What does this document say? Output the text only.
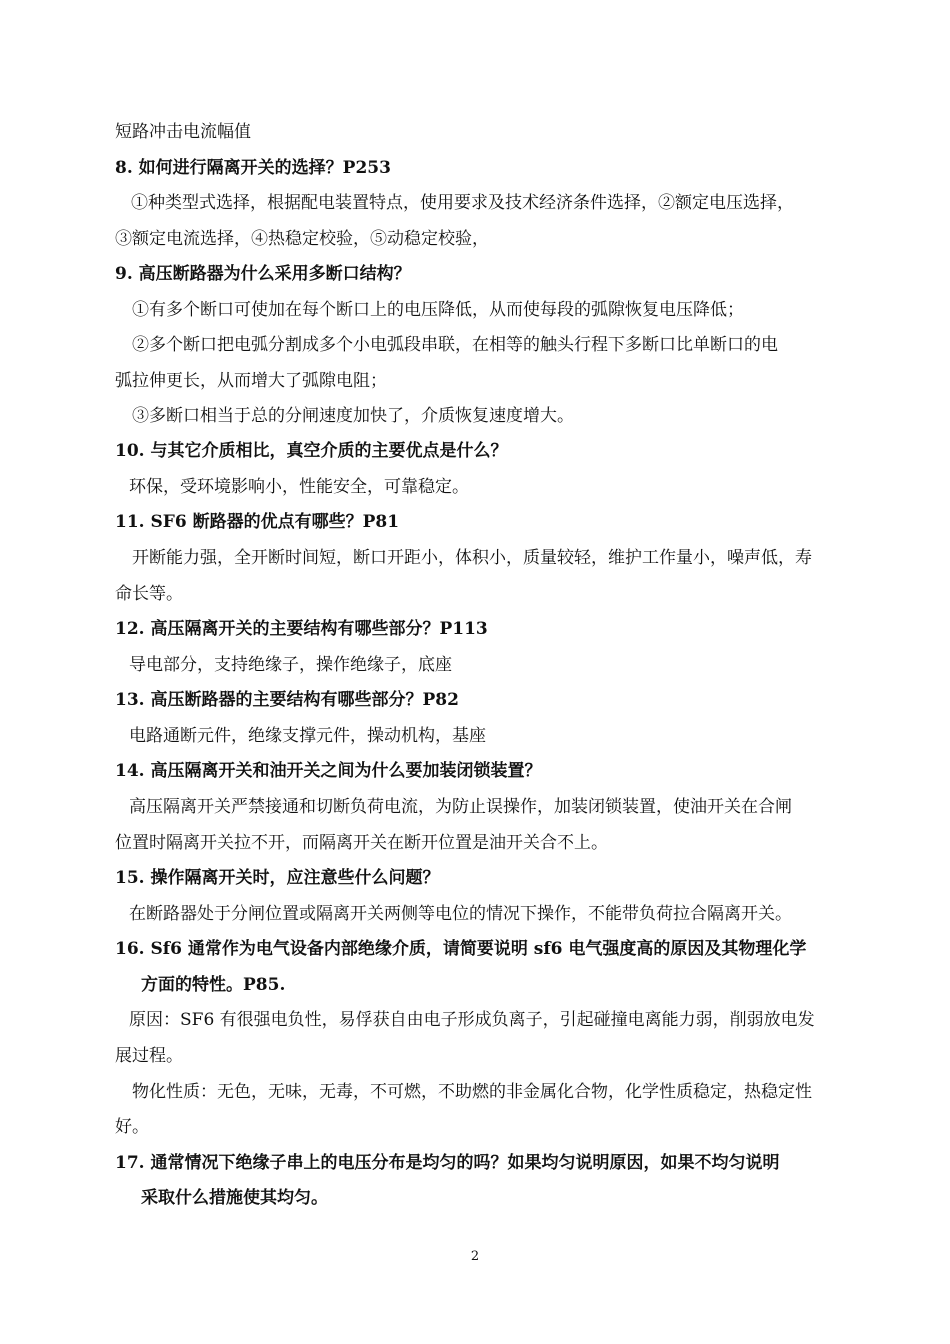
短路冲击电流幅值
8. 如何进行隔离开关的选择？P253
①种类型式选择，根据配电装置特点，使用要求及技术经济条件选择，②额定电压选择，
③额定电流选择，④热稳定校验，⑤动稳定校验，
9. 高压断路器为什么采用多断口结构？
①有多个断口可使加在每个断口上的电压降低，从而使每段的弧隙恢复电压降低；
②多个断口把电弧分割成多个小电弧段串联，在相等的触头行程下多断口比单断口的电
弧拉伸更长，从而增大了弧隙电阻；
③多断口相当于总的分闸速度加快了，介质恢复速度增大。
10. 与其它介质相比，真空介质的主要优点是什么？
环保，受环境影响小，性能安全，可靠稳定。
11. SF6 断路器的优点有哪些？P81
开断能力强，全开断时间短，断口开距小，体积小，质量较轻，维护工作量小，噪声低，寿
命长等。
12. 高压隔离开关的主要结构有哪些部分？P113
导电部分，支持绝缘子，操作绝缘子，底座
13. 高压断路器的主要结构有哪些部分？P82
电路通断元件，绝缘支撑元件，操动机构，基座
14. 高压隔离开关和油开关之间为什么要加装闭锁装置？
高压隔离开关严禁接通和切断负荷电流，为防止误操作，加装闭锁装置，使油开关在合闸
位置时隔离开关拉不开，而隔离开关在断开位置是油开关合不上。
15. 操作隔离开关时，应注意些什么问题？
在断路器处于分闸位置或隔离开关两侧等电位的情况下操作，不能带负荷拉合隔离开关。
16. Sf6 通常作为电气设备内部绝缘介质，请简要说明 sf6 电气强度高的原因及其物理化学
方面的特性。P85.
原因：SF6 有很强电负性，易俘获自由电子形成负离子，引起碰撞电离能力弱，削弱放电发
展过程。
物化性质：无色，无味，无毒，不可燃，不助燃的非金属化合物，化学性质稳定，热稳定性
好。
17. 通常情况下绝缘子串上的电压分布是均匀的吗？如果均匀说明原因，如果不均匀说明
采取什么措施使其均匀。
2
